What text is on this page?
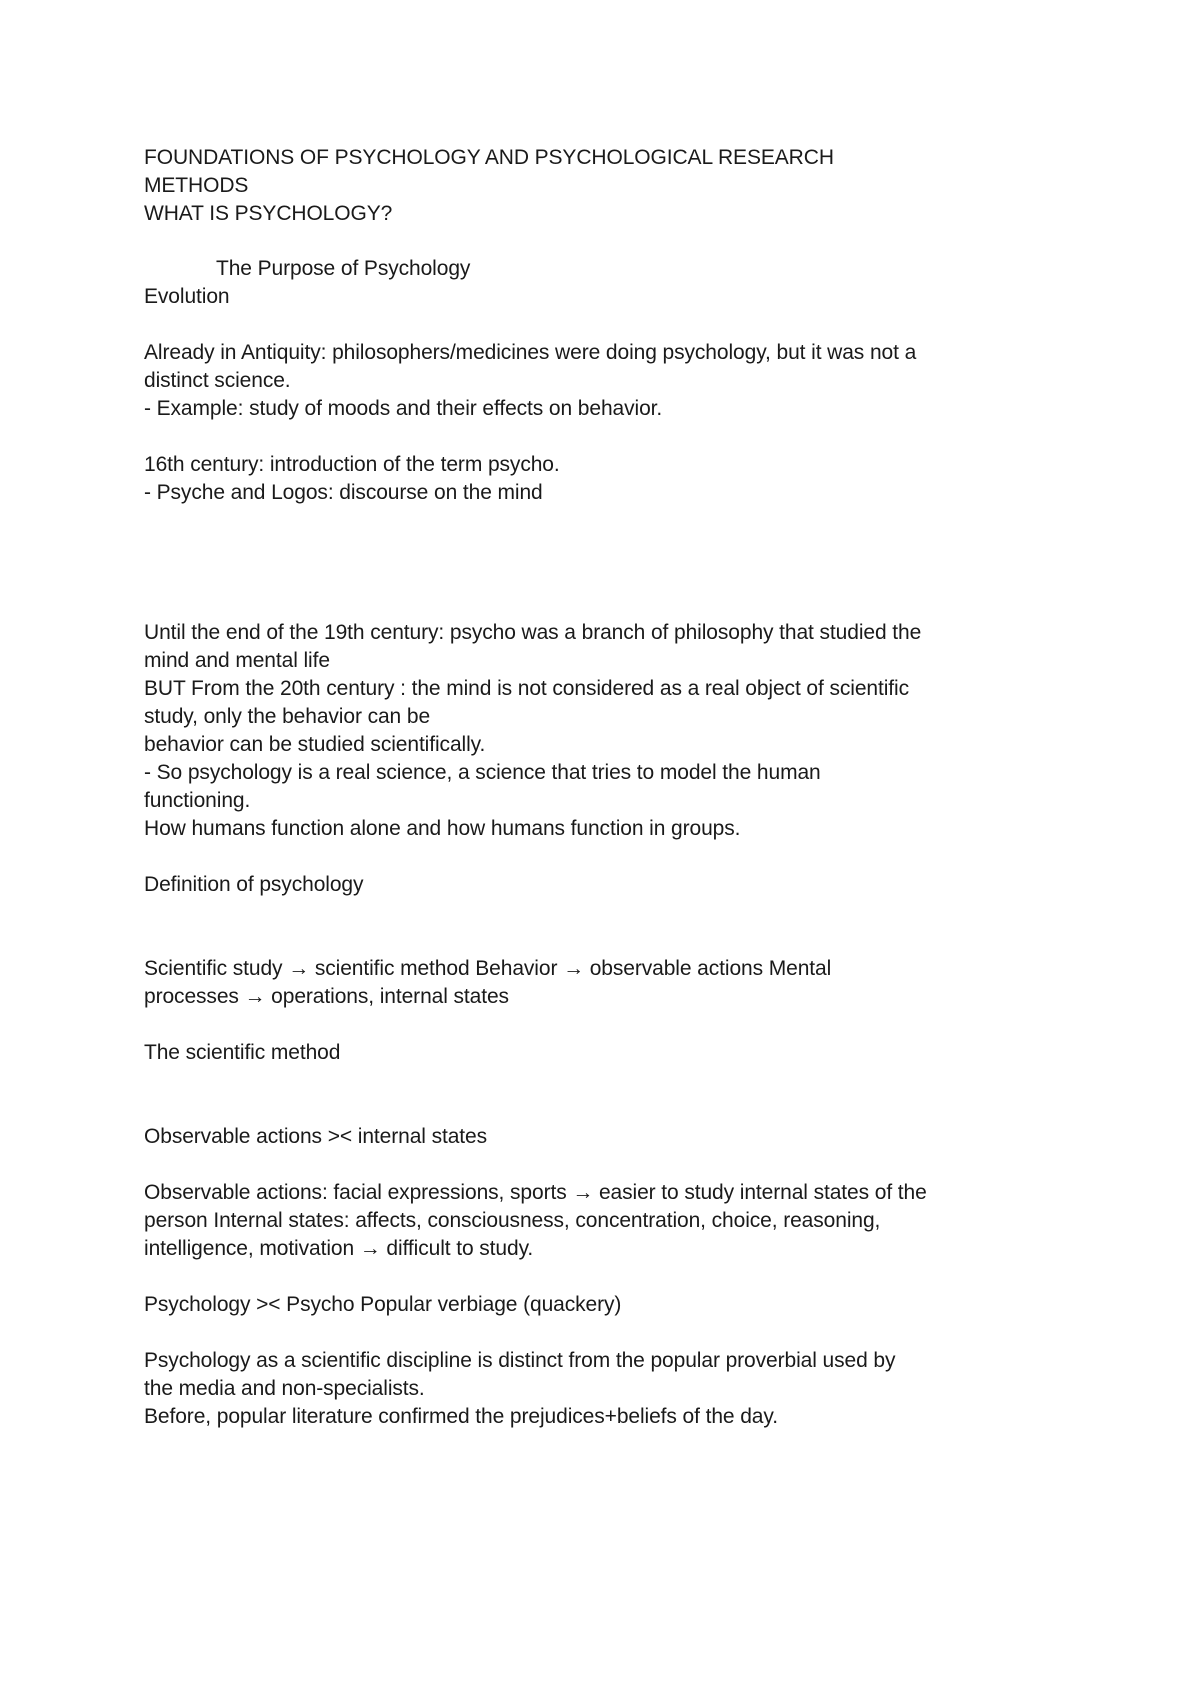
FOUNDATIONS OF PSYCHOLOGY AND PSYCHOLOGICAL RESEARCH
METHODS
WHAT IS PSYCHOLOGY?
The Purpose of Psychology
Evolution
Already in Antiquity: philosophers/medicines were doing psychology, but it was not a
distinct science.
- Example: study of moods and their effects on behavior.
16th century: introduction of the term psycho.
- Psyche and Logos: discourse on the mind
Until the end of the 19th century: psycho was a branch of philosophy that studied the
mind and mental life
BUT From the 20th century : the mind is not considered as a real object of scientific
study, only the behavior can be
behavior can be studied scientifically.
- So psychology is a real science, a science that tries to model the human
functioning.
How humans function alone and how humans function in groups.
Definition of psychology
Scientific study → scientific method Behavior → observable actions Mental
processes → operations, internal states
The scientific method
Observable actions >< internal states
Observable actions: facial expressions, sports → easier to study internal states of the
person Internal states: affects, consciousness, concentration, choice, reasoning,
intelligence, motivation → difficult to study.
Psychology >< Psycho Popular verbiage (quackery)
Psychology as a scientific discipline is distinct from the popular proverbial used by
the media and non-specialists.
Before, popular literature confirmed the prejudices+beliefs of the day.
